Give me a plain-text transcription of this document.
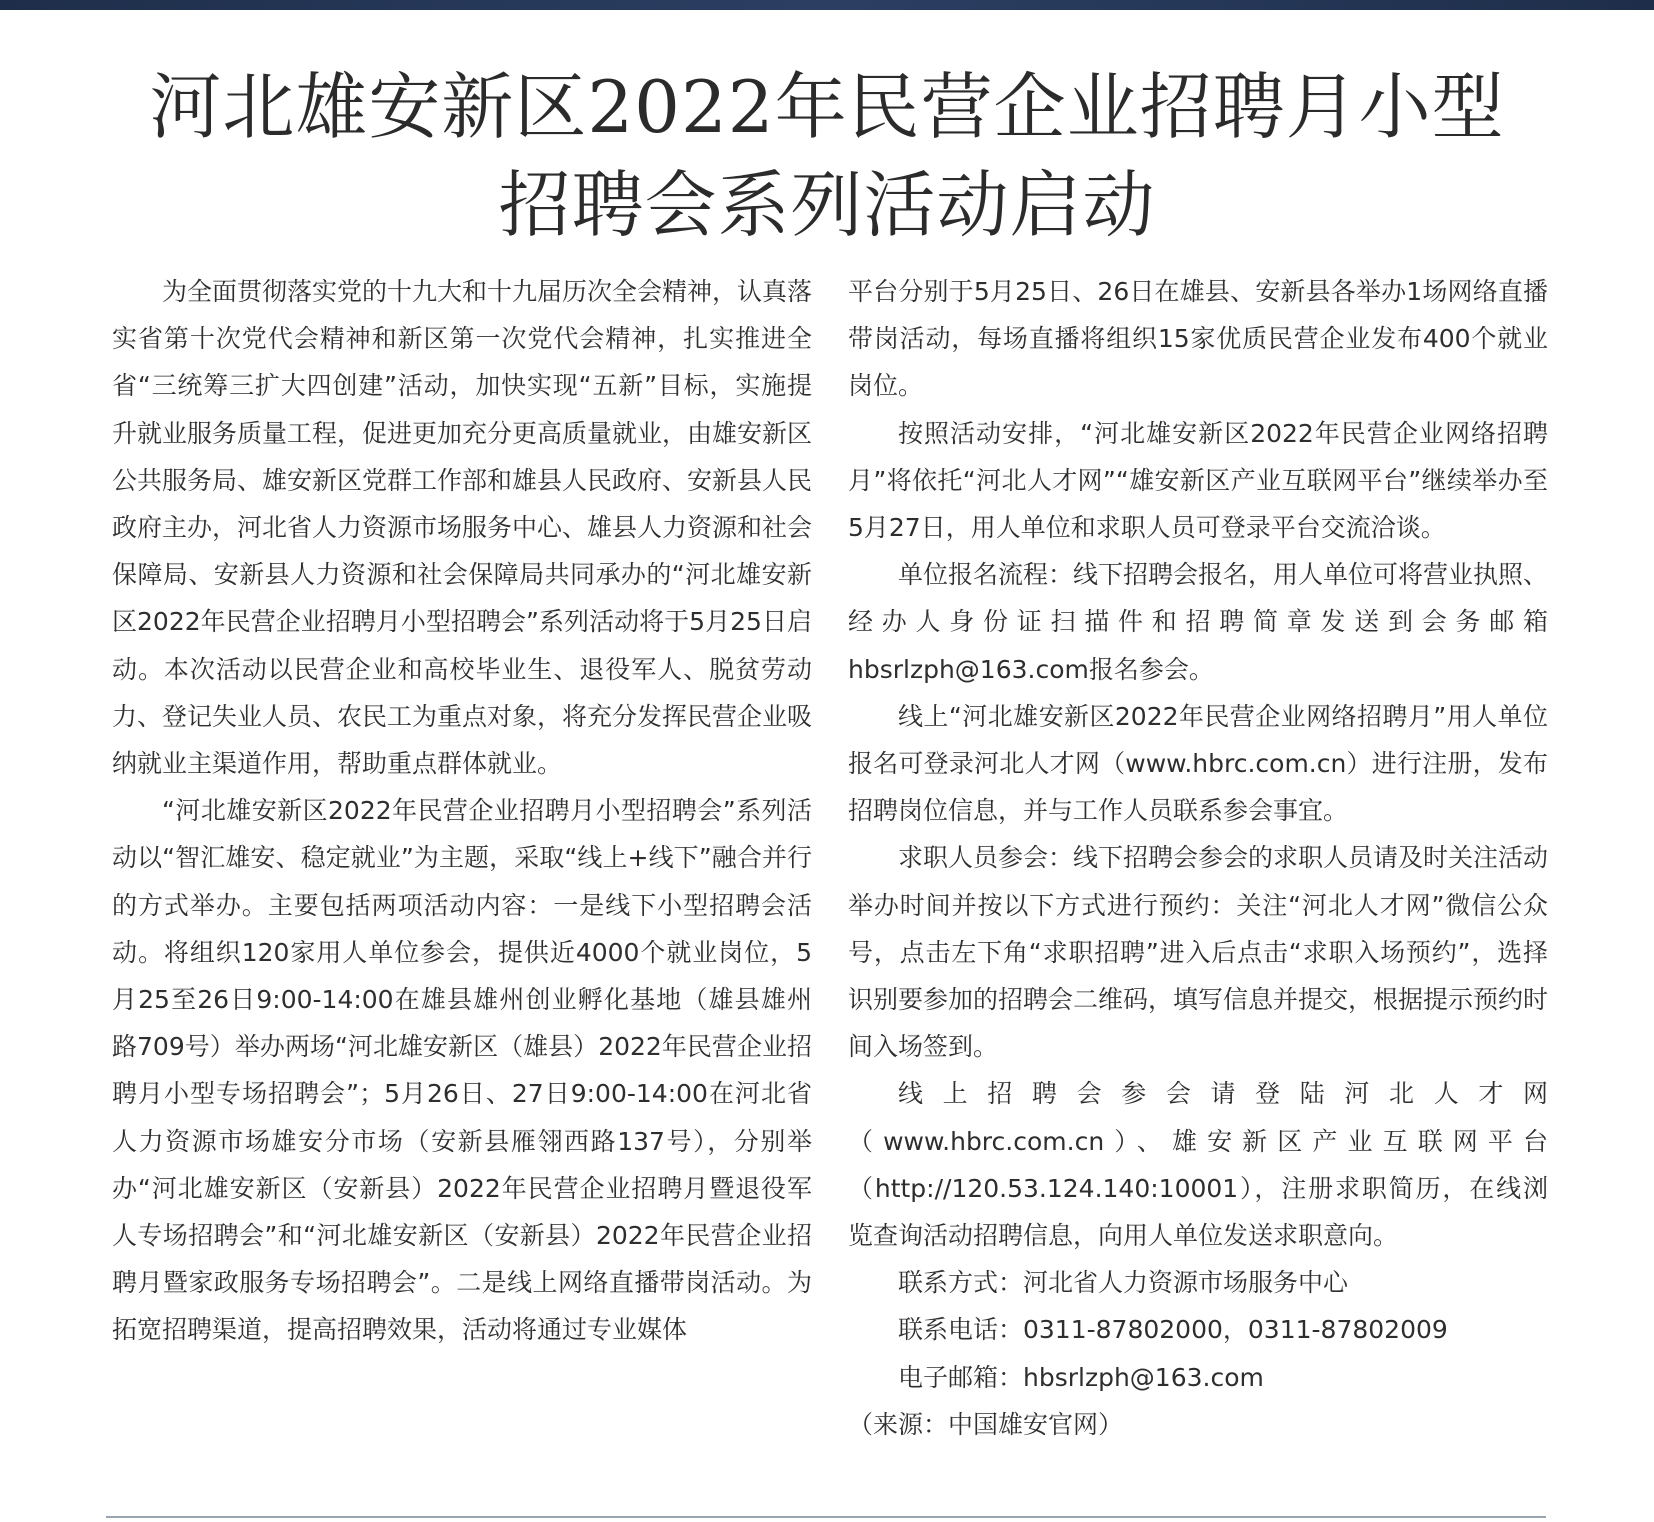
河北雄安新区2022年民营企业招聘月小型
招聘会系列活动启动

为全面贯彻落实党的十九大和十九届历次全会精神，认真落实省第十次党代会精神和新区第一次党代会精神，扎实推进全省“三统筹三扩大四创建”活动，加快实现“五新”目标，实施提升就业服务质量工程，促进更加充分更高质量就业，由雄安新区公共服务局、雄安新区党群工作部和雄县人民政府、安新县人民政府主办，河北省人力资源市场服务中心、雄县人力资源和社会保障局、安新县人力资源和社会保障局共同承办的“河北雄安新区2022年民营企业招聘月小型招聘会”系列活动将于5月25日启动。本次活动以民营企业和高校毕业生、退役军人、脱贫劳动力、登记失业人员、农民工为重点对象，将充分发挥民营企业吸纳就业主渠道作用，帮助重点群体就业。

“河北雄安新区2022年民营企业招聘月小型招聘会”系列活动以“智汇雄安、稳定就业”为主题，采取“线上+线下”融合并行的方式举办。主要包括两项活动内容：一是线下小型招聘会活动。将组织120家用人单位参会，提供近4000个就业岗位，5月25至26日9:00-14:00在雄县雄州创业孵化基地（雄县雄州路709号）举办两场“河北雄安新区（雄县）2022年民营企业招聘月小型专场招聘会”；5月26日、27日9:00-14:00在河北省人力资源市场雄安分市场（安新县雁翎西路137号），分别举办“河北雄安新区（安新县）2022年民营企业招聘月暨退役军人专场招聘会”和“河北雄安新区（安新县）2022年民营企业招聘月暨家政服务专场招聘会”。二是线上网络直播带岗活动。为拓宽招聘渠道，提高招聘效果，活动将通过专业媒体

平台分别于5月25日、26日在雄县、安新县各举办1场网络直播带岗活动，每场直播将组织15家优质民营企业发布400个就业岗位。

按照活动安排，“河北雄安新区2022年民营企业网络招聘月”将依托“河北人才网”“雄安新区产业互联网平台”继续举办至5月27日，用人单位和求职人员可登录平台交流洽谈。

单位报名流程：线下招聘会报名，用人单位可将营业执照、经办人身份证扫描件和招聘简章发送到会务邮箱hbsrlzph@163.com报名参会。

线上“河北雄安新区2022年民营企业网络招聘月”用人单位报名可登录河北人才网（www.hbrc.com.cn）进行注册，发布招聘岗位信息，并与工作人员联系参会事宜。

求职人员参会：线下招聘会参会的求职人员请及时关注活动举办时间并按以下方式进行预约：关注“河北人才网”微信公众号，点击左下角“求职招聘”进入后点击“求职入场预约”，选择识别要参加的招聘会二维码，填写信息并提交，根据提示预约时间入场签到。

线上招聘会参会请登陆河北人才网（www.hbrc.com.cn）、雄安新区产业互联网平台（http://120.53.124.140:10001），注册求职简历，在线浏览查询活动招聘信息，向用人单位发送求职意向。

联系方式：河北省人力资源市场服务中心

联系电话：0311-87802000，0311-87802009

电子邮箱：hbsrlzph@163.com

（来源：中国雄安官网）
